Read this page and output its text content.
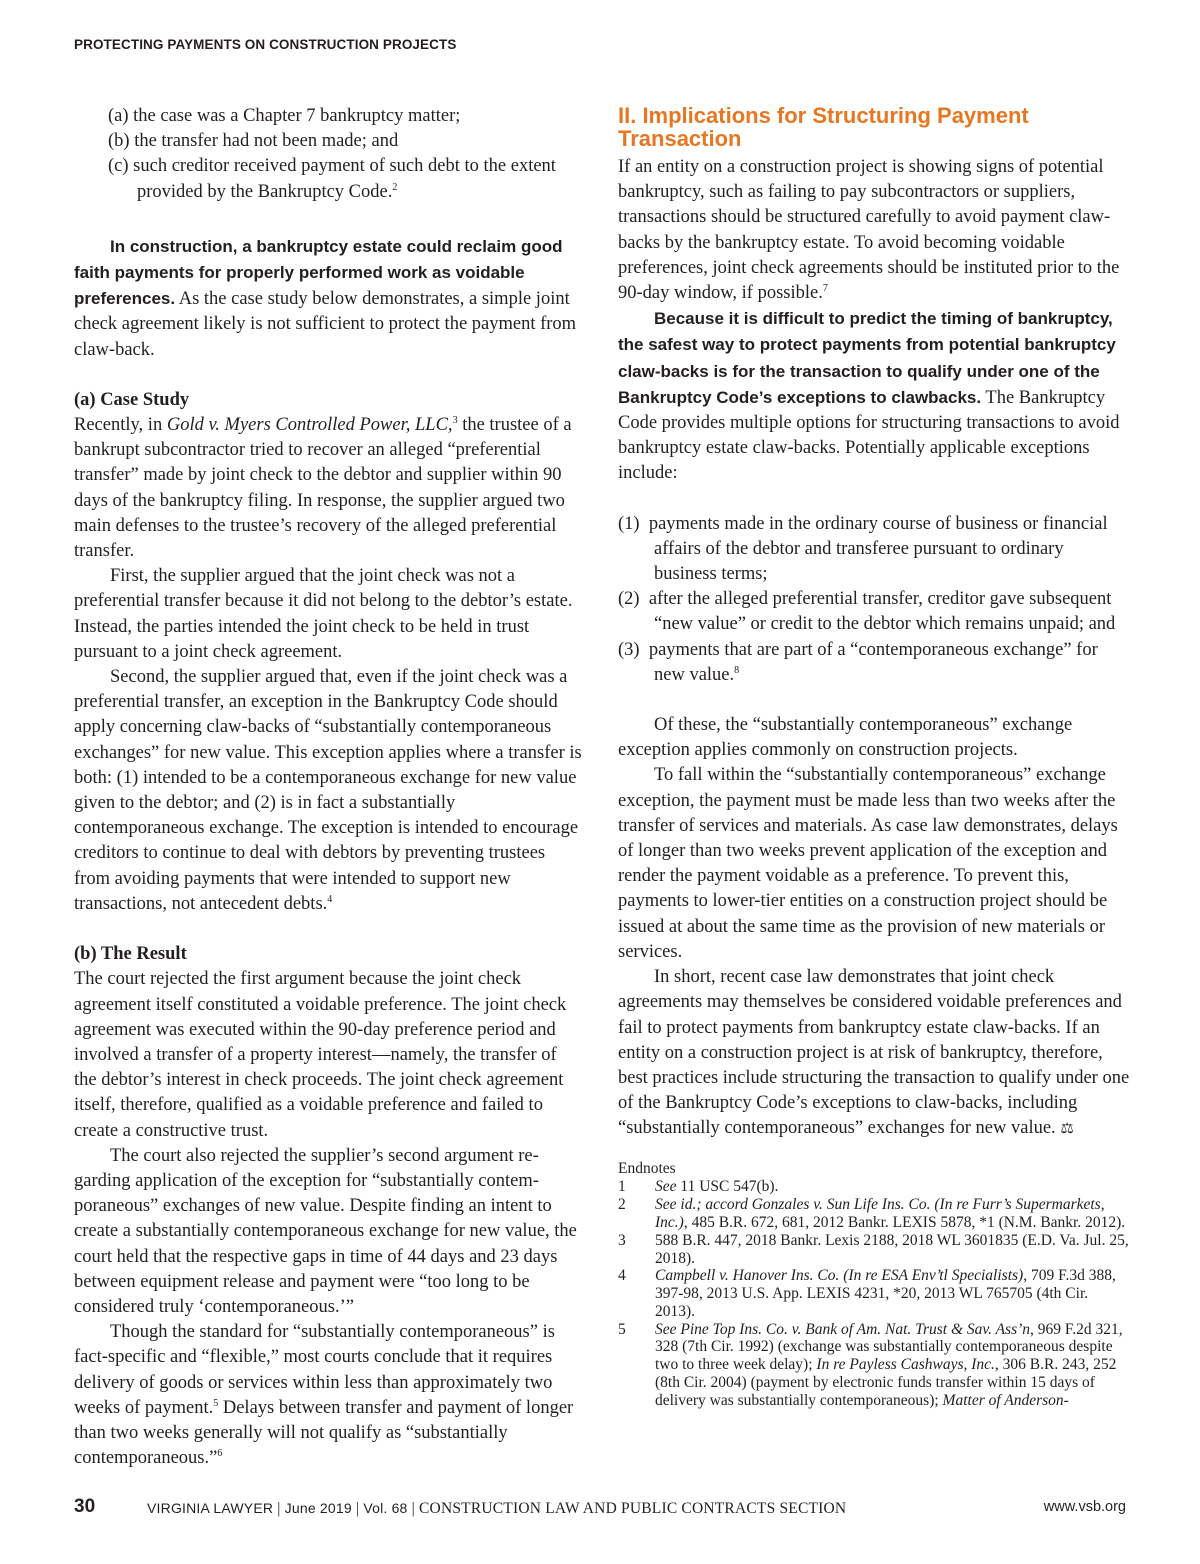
PROTECTING PAYMENTS ON CONSTRUCTION PROJECTS
(a) the case was a Chapter 7 bankruptcy matter;
(b) the transfer had not been made; and
(c) such creditor received payment of such debt to the extent provided by the Bankruptcy Code.$^2$

In construction, a bankruptcy estate could reclaim good faith payments for properly performed work as voidable preferences. As the case study below demonstrates, a simple joint check agreement likely is not sufficient to protect the payment from claw-back.

(a) Case Study

Recently, in Gold v. Myers Controlled Power, LLC,$^3$ the trustee of a bankrupt subcontractor tried to recover an alleged “preferential transfer” made by joint check to the debtor and supplier within 90 days of the bankruptcy filing. In response, the supplier argued two main defenses to the trustee’s recovery of the alleged preferential transfer.

First, the supplier argued that the joint check was not a preferential transfer because it did not belong to the debtor’s estate. Instead, the parties intended the joint check to be held in trust pursuant to a joint check agreement.

Second, the supplier argued that, even if the joint check was a preferential transfer, an exception in the Bankruptcy Code should apply concerning claw-backs of “substantially contemporaneous exchanges” for new value. This exception applies where a transfer is both: (1) intended to be a contemporaneous exchange for new value given to the debtor; and (2) is in fact a substantially contemporaneous exchange. The exception is intended to encourage creditors to continue to deal with debtors by preventing trustees from avoiding payments that were intended to support new transactions, not antecedent debts.$^4$

(b) The Result

The court rejected the first argument because the joint check agreement itself constituted a voidable preference. The joint check agreement was executed within the 90-day preference period and involved a transfer of a property interest—namely, the transfer of the debtor’s interest in check proceeds. The joint check agreement itself, therefore, qualified as a voidable preference and failed to create a constructive trust.

The court also rejected the supplier’s second argument regarding application of the exception for “substantially contemporaneous” exchanges of new value. Despite finding an intent to create a substantially contemporaneous exchange for new value, the court held that the respective gaps in time of 44 days and 23 days between equipment release and payment were “too long to be considered truly ‘contemporaneous.’”

Though the standard for “substantially contemporaneous” is fact-specific and “flexible,” most courts conclude that it requires delivery of goods or services within less than approximately two weeks of payment.$^5$ Delays between transfer and payment of longer than two weeks generally will not qualify as “substantially contemporaneous.”$^6$

II. Implications for Structuring Payment Transaction

If an entity on a construction project is showing signs of potential bankruptcy, such as failing to pay subcontractors or suppliers, transactions should be structured carefully to avoid payment claw-backs by the bankruptcy estate. To avoid becoming voidable preferences, joint check agreements should be instituted prior to the 90-day window, if possible.$^7$

Because it is difficult to predict the timing of bankruptcy, the safest way to protect payments from potential bankruptcy claw-backs is for the transaction to qualify under one of the Bankruptcy Code’s exceptions to clawbacks. The Bankruptcy Code provides multiple options for structuring transactions to avoid bankruptcy estate claw-backs. Potentially applicable exceptions include:

(1) payments made in the ordinary course of business or financial affairs of the debtor and transferee pursuant to ordinary business terms;
(2) after the alleged preferential transfer, creditor gave subsequent “new value” or credit to the debtor which remains unpaid; and
(3) payments that are part of a “contemporaneous exchange” for new value.$^8$

Of these, the “substantially contemporaneous” exchange exception applies commonly on construction projects.

To fall within the “substantially contemporaneous” exchange exception, the payment must be made less than two weeks after the transfer of services and materials. As case law demonstrates, delays of longer than two weeks prevent application of the exception and render the payment voidable as a preference. To prevent this, payments to lower-tier entities on a construction project should be issued at about the same time as the provision of new materials or services.

In short, recent case law demonstrates that joint check agreements may themselves be considered voidable preferences and fail to protect payments from bankruptcy estate claw-backs. If an entity on a construction project is at risk of bankruptcy, therefore, best practices include structuring the transaction to qualify under one of the Bankruptcy Code’s exceptions to claw-backs, including “substantially contemporaneous” exchanges for new value. ⚖

Endnotes
1	See 11 USC 547(b).
2	See id.; accord Gonzales v. Sun Life Ins. Co. (In re Furr’s Supermarkets, Inc.), 485 B.R. 672, 681, 2012 Bankr. LEXIS 5878, *1 (N.M. Bankr. 2012).
3	588 B.R. 447, 2018 Bankr. Lexis 2188, 2018 WL 3601835 (E.D. Va. Jul. 25, 2018).
4	Campbell v. Hanover Ins. Co. (In re ESA Env’tl Specialists), 709 F.3d 388, 397-98, 2013 U.S. App. LEXIS 4231, *20, 2013 WL 765705 (4th Cir. 2013).
5	See Pine Top Ins. Co. v. Bank of Am. Nat. Trust & Sav. Ass’n, 969 F.2d 321, 328 (7th Cir. 1992) (exchange was substantially contemporaneous despite two to three week delay); In re Payless Cashways, Inc., 306 B.R. 243, 252 (8th Cir. 2004) (payment by electronic funds transfer within 15 days of delivery was substantially contemporaneous); Matter of Anderson-
30	VIRGINIA LAWYER | June 2019 | Vol. 68 | CONSTRUCTION LAW AND PUBLIC CONTRACTS SECTION	www.vsb.org
